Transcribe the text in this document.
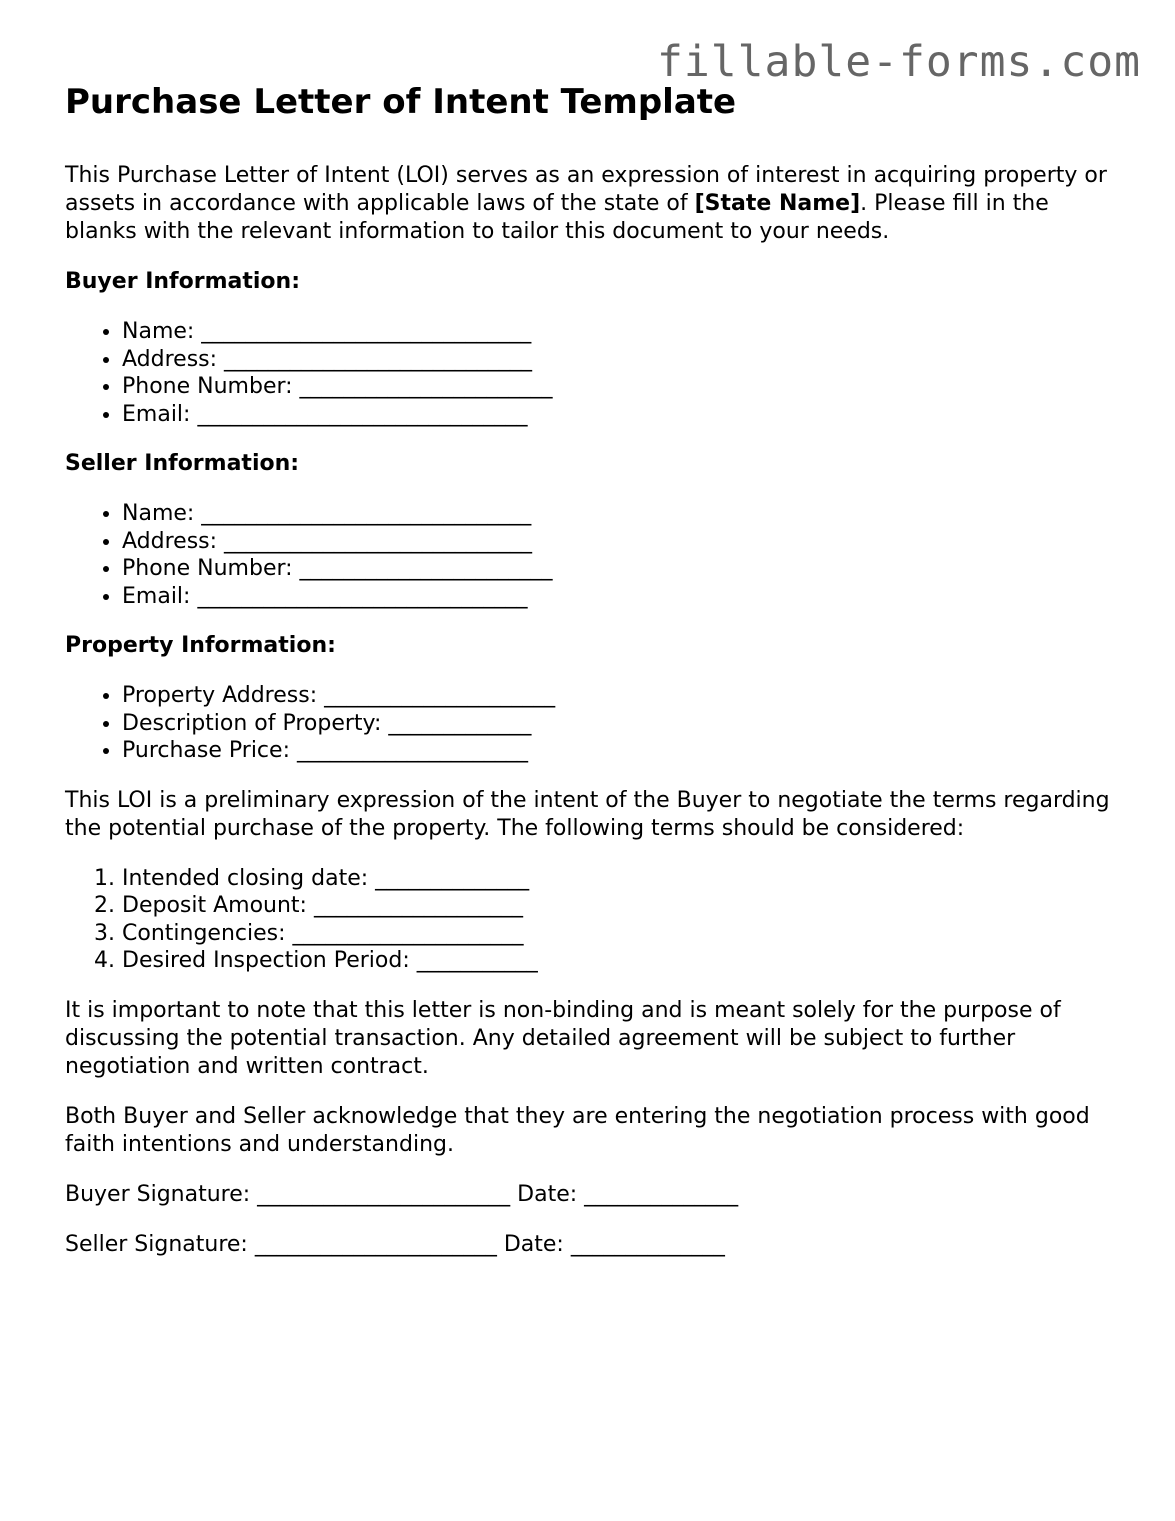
fillable-forms.com
Purchase Letter of Intent Template

This Purchase Letter of Intent (LOI) serves as an expression of interest in acquiring property or assets in accordance with applicable laws of the state of [State Name]. Please fill in the blanks with the relevant information to tailor this document to your needs.

Buyer Information:
• Name: ______________________________
• Address: ____________________________
• Phone Number: _______________________
• Email: ______________________________
Seller Information:
• Name: ______________________________
• Address: ____________________________
• Phone Number: _______________________
• Email: ______________________________
Property Information:
• Property Address: _____________________
• Description of Property: _____________
• Purchase Price: _____________________

This LOI is a preliminary expression of the intent of the Buyer to negotiate the terms regarding the potential purchase of the property. The following terms should be considered:

1. Intended closing date: ______________
2. Deposit Amount: ___________________
3. Contingencies: _____________________
4. Desired Inspection Period: ___________

It is important to note that this letter is non-binding and is meant solely for the purpose of discussing the potential transaction. Any detailed agreement will be subject to further negotiation and written contract.

Both Buyer and Seller acknowledge that they are entering the negotiation process with good faith intentions and understanding.

Buyer Signature: _______________________ Date: ______________
Seller Signature: ______________________ Date: ______________
